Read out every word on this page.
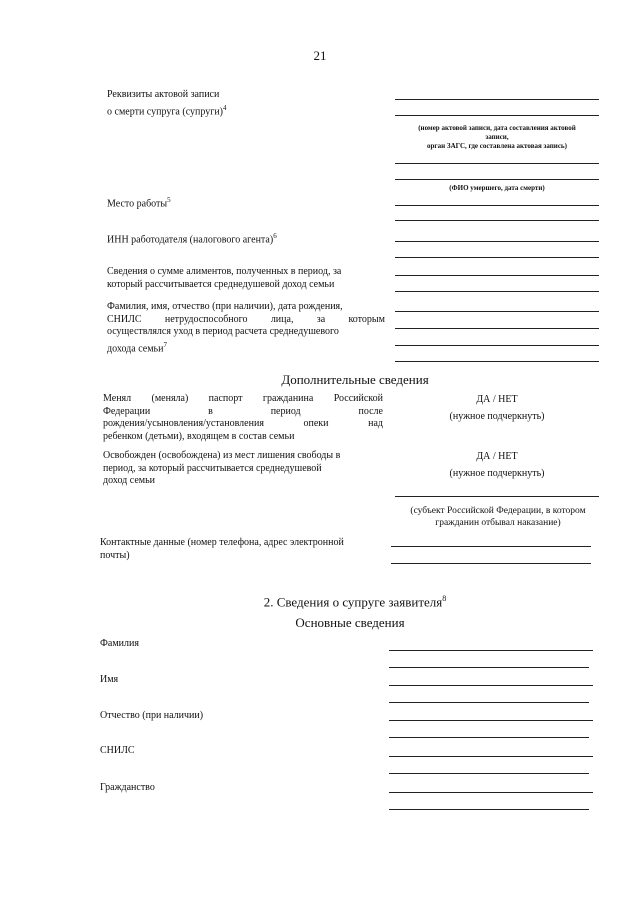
21
Реквизиты актовой записи
о смерти супруга (супруги)$^4$
(номер актовой записи, дата составления актовой
записи,
орган ЗАГС, где составлена актовая запись)
(ФИО умершего, дата смерти)
Место работы$^5$
ИНН работодателя (налогового агента)$^6$
Сведения о сумме алиментов, полученных в период, за
который рассчитывается среднедушевой доход семьи
Фамилия, имя, отчество (при наличии), дата рождения,
СНИЛС нетрудоспособного лица, за которым
осуществлялся уход в период расчета среднедушевого
дохода семьи$^7$
Дополнительные сведения
Менял (меняла) паспорт гражданина Российской
Федерации	в	период	после
рождения/усыновления/установления	опеки	над
ребенком (детьми), входящем в состав семьи
ДА / НЕТ
(нужное подчеркнуть)
Освобожден (освобождена) из мест лишения свободы в
период, за который рассчитывается среднедушевой
доход семьи
ДА / НЕТ
(нужное подчеркнуть)
(субъект Российской Федерации, в котором
гражданин отбывал наказание)
Контактные данные (номер телефона, адрес электронной
почты)
2. Сведения о супруге заявителя$^8$
Основные сведения
Фамилия
Имя
Отчество (при наличии)
СНИЛС
Гражданство
